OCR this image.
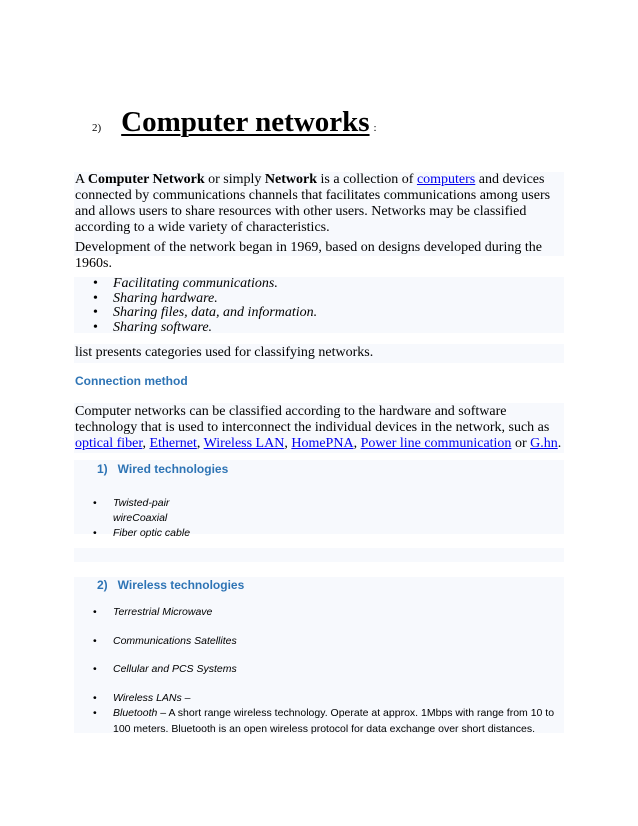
2) Computer networks :
A Computer Network or simply Network is a collection of computers and devices connected by communications channels that facilitates communications among users and allows users to share resources with other users. Networks may be classified according to a wide variety of characteristics.
Development of the network began in 1969, based on designs developed during the 1960s.
• Facilitating communications.
• Sharing hardware.
• Sharing files, data, and information.
• Sharing software.
list presents categories used for classifying networks.
Connection method
Computer networks can be classified according to the hardware and software technology that is used to interconnect the individual devices in the network, such as optical fiber, Ethernet, Wireless LAN, HomePNA, Power line communication or G.hn.
1) Wired technologies
• Twisted-pair
wireCoaxial
• Fiber optic cable
2) Wireless technologies
• Terrestrial Microwave
• Communications Satellites
• Cellular and PCS Systems
• Wireless LANs –
• Bluetooth – A short range wireless technology. Operate at approx. 1Mbps with range from 10 to 100 meters. Bluetooth is an open wireless protocol for data exchange over short distances.
